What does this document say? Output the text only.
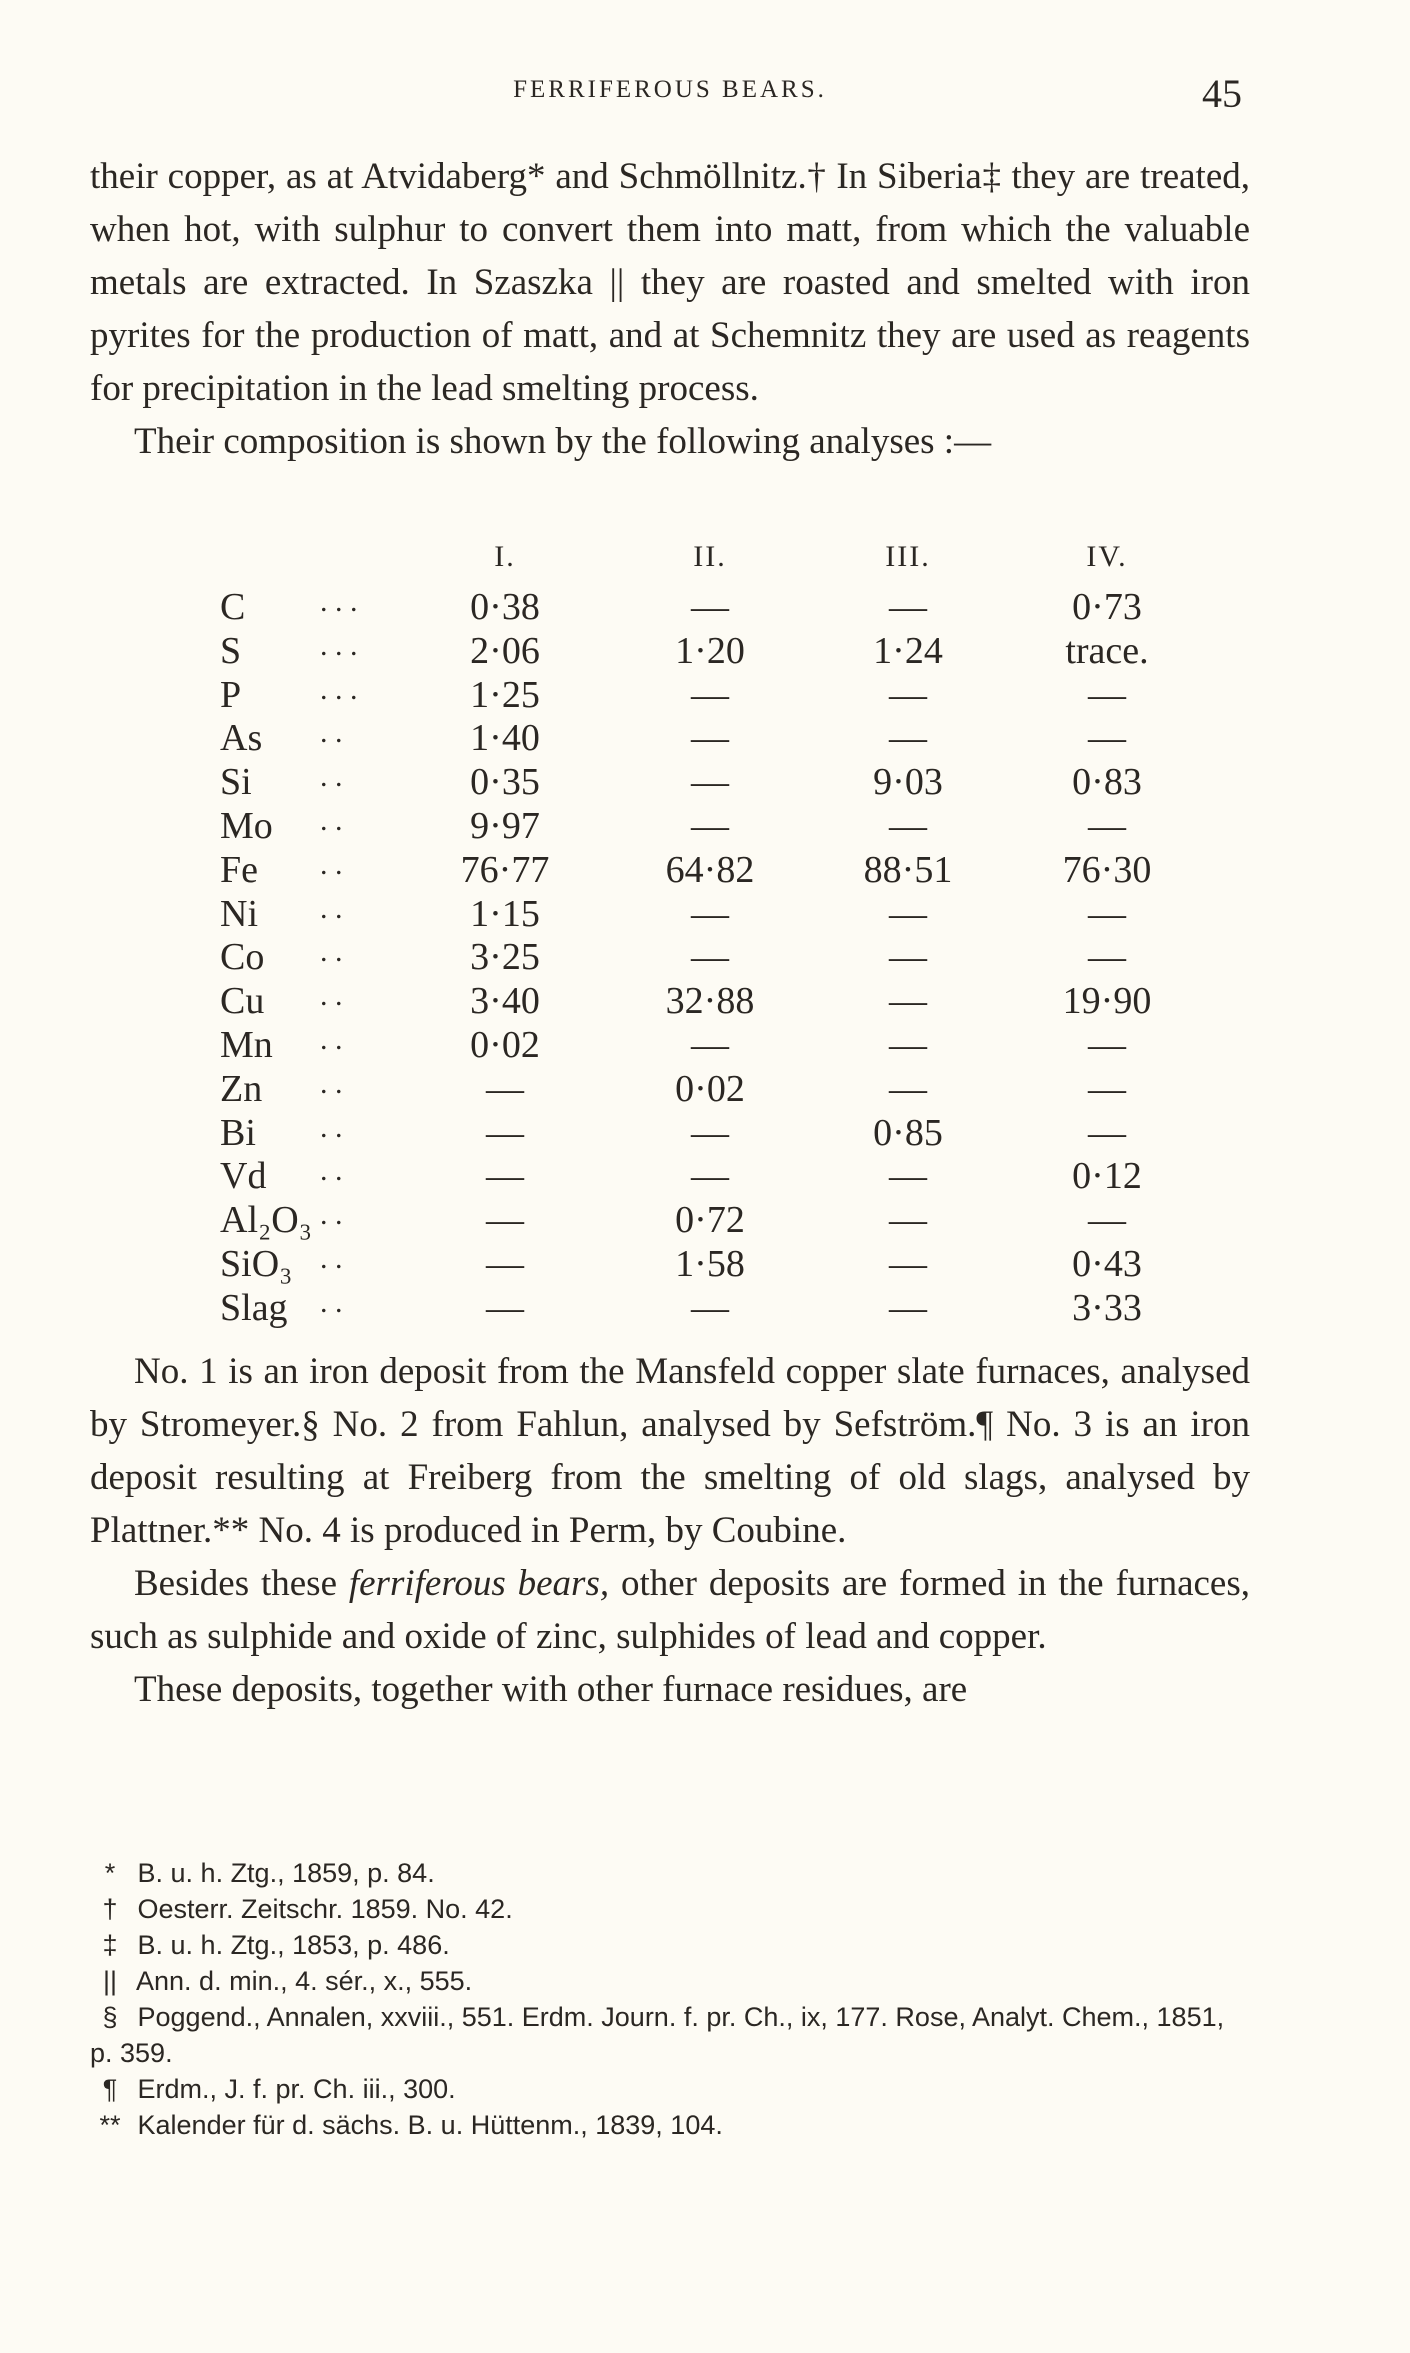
FERRIFEROUS BEARS.	45

their copper, as at Atvidaberg* and Schmöllnitz.† In Siberia‡ they are treated, when hot, with sulphur to convert them into matt, from which the valuable metals are extracted. In Szaszka || they are roasted and smelted with iron pyrites for the production of matt, and at Schemnitz they are used as reagents for precipitation in the lead smelting process.

Their composition is shown by the following analyses :—

I.	II.	III.	IV.
C	. . .	0·38	—	—	0·73
S	. . .	2·06	1·20	1·24	trace.
P	. . .	1·25	—	—	—
As	. .	1·40	—	—	—
Si	. .	0·35	—	9·03	0·83
Mo	. .	9·97	—	—	—
Fe	. .	76·77	64·82	88·51	76·30
Ni	. .	1·15	—	—	—
Co	. .	3·25	—	—	—
Cu	. .	3·40	32·88	—	19·90
Mn	. .	0·02	—	—	—
Zn	. .	—	0·02	—	—
Bi	. .	—	—	0·85	—
Vd	. .	—	—	—	0·12
Al₂O₃ . .	—	0·72	—	—
SiO₃ . .	—	1·58	—	0·43
Slag	. .	—	—	—	3·33

No. 1 is an iron deposit from the Mansfeld copper slate furnaces, analysed by Stromeyer.§ No. 2 from Fahlun, analysed by Sefström.¶ No. 3 is an iron deposit resulting at Freiberg from the smelting of old slags, analysed by Plattner.** No. 4 is produced in Perm, by Coubine.

Besides these ferriferous bears, other deposits are formed in the furnaces, such as sulphide and oxide of zinc, sulphides of lead and copper.

These deposits, together with other furnace residues, are

* B. u. h. Ztg., 1859, p. 84.

† Oesterr. Zeitschr. 1859. No. 42.

‡ B. u. h. Ztg., 1853, p. 486.

|| Ann. d. min., 4. sér., x., 555.

§ Poggend., Annalen, xxviii., 551. Erdm. Journ. f. pr. Ch., ix, 177. Rose, Analyt. Chem., 1851, p. 359.

¶ Erdm., J. f. pr. Ch. iii., 300.

** Kalender für d. sächs. B. u. Hüttenm., 1839, 104.
